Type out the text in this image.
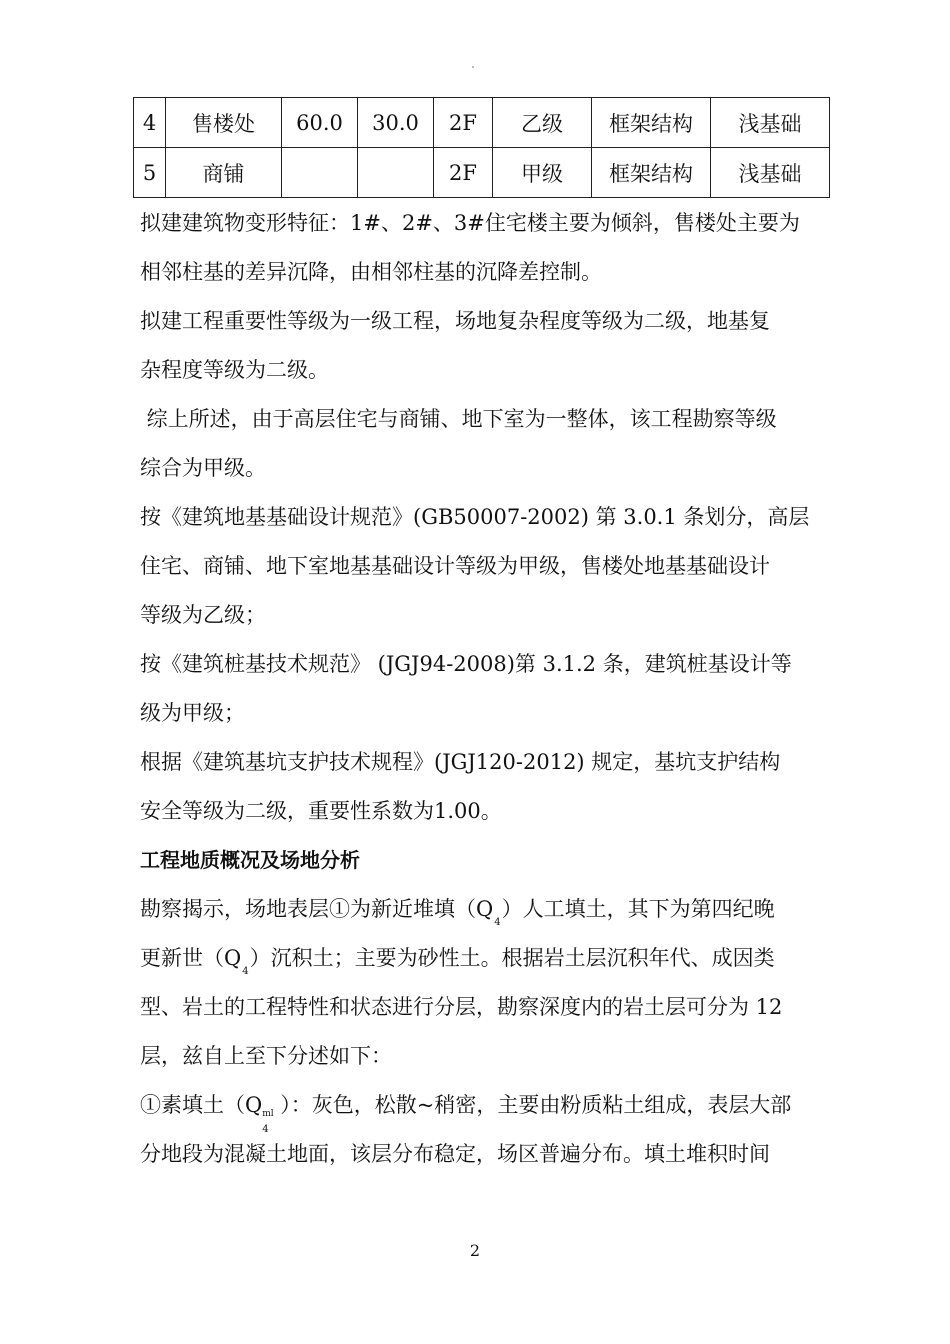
4	售楼处	60.0	30.0	2F	乙级	框架结构	浅基础
5	商铺			2F	甲级	框架结构	浅基础
拟建建筑物变形特征：1#、2#、3#住宅楼主要为倾斜，售楼处主要为
相邻柱基的差异沉降，由相邻柱基的沉降差控制。
拟建工程重要性等级为一级工程，场地复杂程度等级为二级，地基复
杂程度等级为二级。
综上所述，由于高层住宅与商铺、地下室为一整体，该工程勘察等级
综合为甲级。
按《建筑地基基础设计规范》(GB50007-2002) 第 3.0.1 条划分，高层
住宅、商铺、地下室地基基础设计等级为甲级，售楼处地基基础设计
等级为乙级；
按《建筑桩基技术规范》 (JGJ94-2008)第 3.1.2 条，建筑桩基设计等
级为甲级；
根据《建筑基坑支护技术规程》(JGJ120-2012) 规定，基坑支护结构
安全等级为二级，重要性系数为1.00。
工程地质概况及场地分析
勘察揭示，场地表层①为新近堆填$(Q_4)$人工填土，其下为第四纪晚
更新世$(Q_4)$沉积土；主要为砂性土。根据岩土层沉积年代、成因类
型、岩土的工程特性和状态进行分层，勘察深度内的岩土层可分为 12
层，兹自上至下分述如下：
①素填土（Q ml
4
）：灰色，松散~稍密，主要由粉质粘土组成，表层大部
分地段为混凝土地面，该层分布稳定，场区普遍分布。填土堆积时间
2
